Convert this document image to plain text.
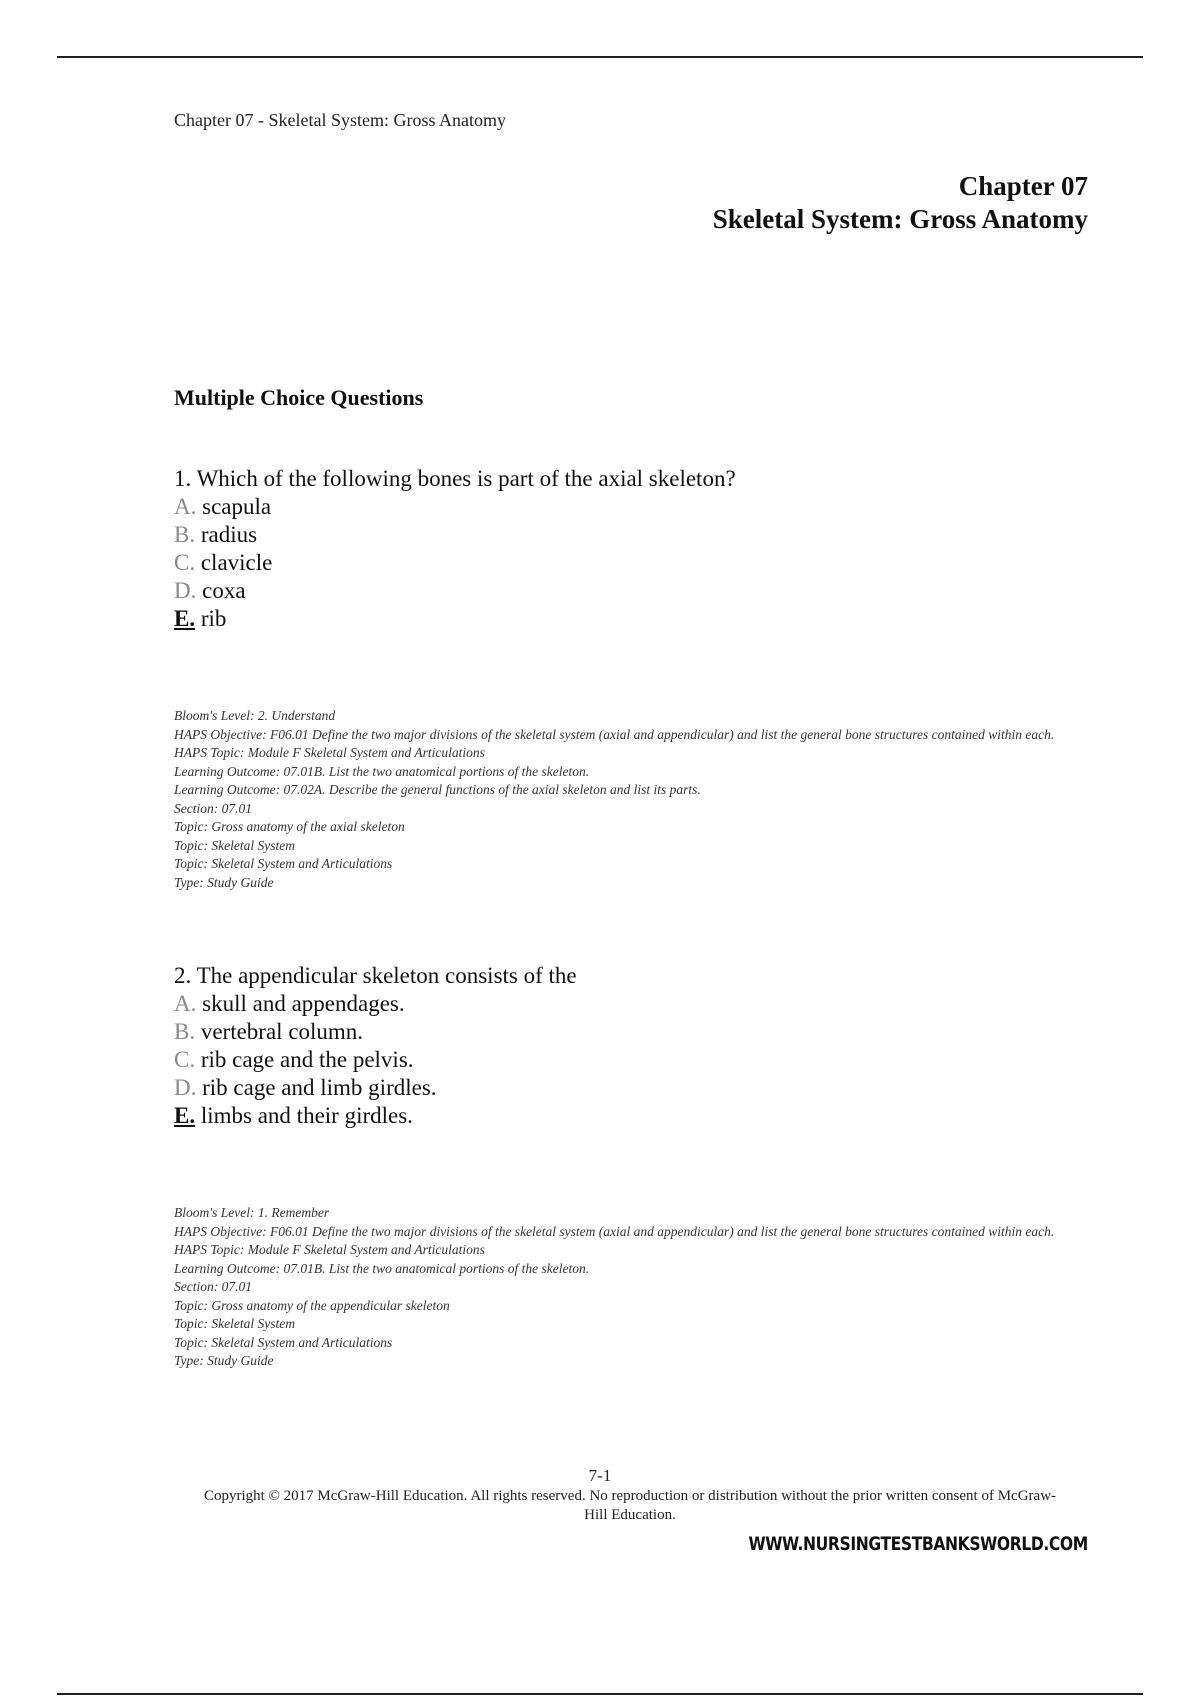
Chapter 07 - Skeletal System: Gross Anatomy
Chapter 07
Skeletal System: Gross Anatomy
Multiple Choice Questions
1. Which of the following bones is part of the axial skeleton?
A. scapula
B. radius
C. clavicle
D. coxa
E. rib
Bloom's Level: 2. Understand
HAPS Objective: F06.01 Define the two major divisions of the skeletal system (axial and appendicular) and list the general bone structures contained within each.
HAPS Topic: Module F Skeletal System and Articulations
Learning Outcome: 07.01B. List the two anatomical portions of the skeleton.
Learning Outcome: 07.02A. Describe the general functions of the axial skeleton and list its parts.
Section: 07.01
Topic: Gross anatomy of the axial skeleton
Topic: Skeletal System
Topic: Skeletal System and Articulations
Type: Study Guide
2. The appendicular skeleton consists of the
A. skull and appendages.
B. vertebral column.
C. rib cage and the pelvis.
D. rib cage and limb girdles.
E. limbs and their girdles.
Bloom's Level: 1. Remember
HAPS Objective: F06.01 Define the two major divisions of the skeletal system (axial and appendicular) and list the general bone structures contained within each.
HAPS Topic: Module F Skeletal System and Articulations
Learning Outcome: 07.01B. List the two anatomical portions of the skeleton.
Section: 07.01
Topic: Gross anatomy of the appendicular skeleton
Topic: Skeletal System
Topic: Skeletal System and Articulations
Type: Study Guide
7-1
Copyright © 2017 McGraw-Hill Education. All rights reserved. No reproduction or distribution without the prior written consent of McGraw-Hill Education.
WWW.NURSINGTESTBANKSWORLD.COM
